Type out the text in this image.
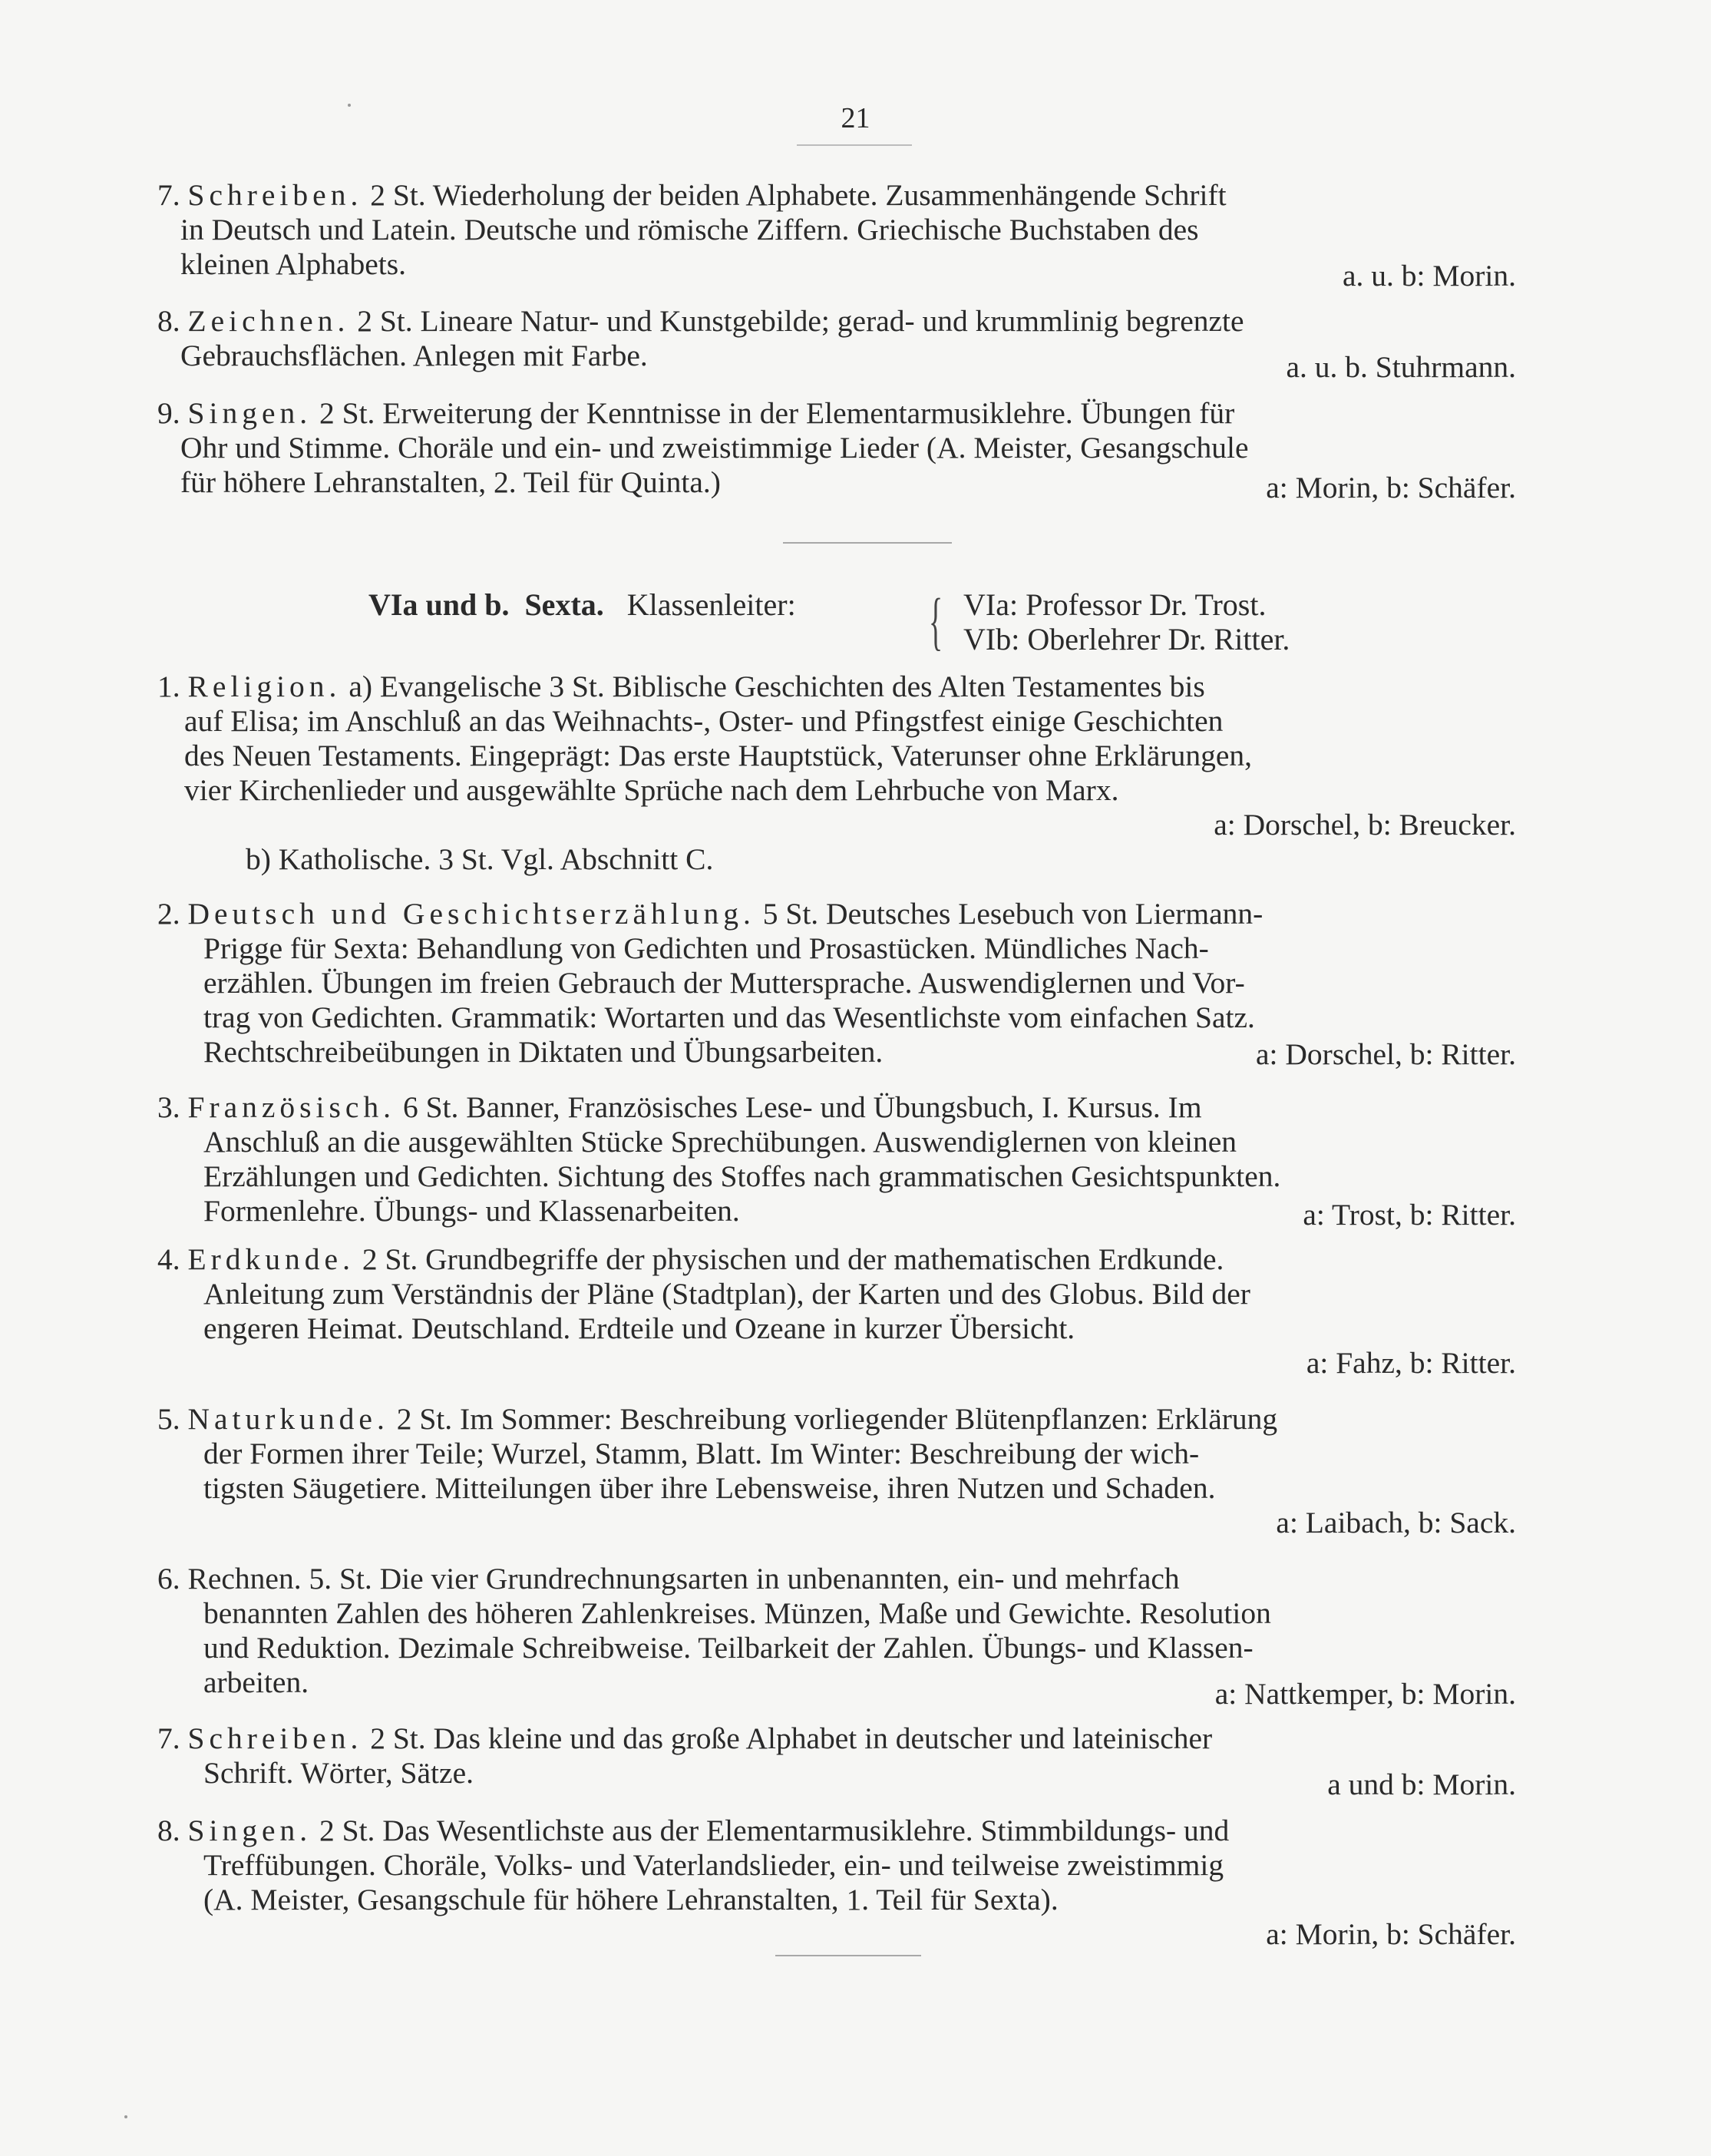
21
7. Schreiben. 2 St. Wiederholung der beiden Alphabete. Zusammenhängende Schrift
in Deutsch und Latein. Deutsche und römische Ziffern. Griechische Buchstaben des
kleinen Alphabets.	a. u. b: Morin.
8. Zeichnen. 2 St. Lineare Natur- und Kunstgebilde; gerad- und krummlinig begrenzte
Gebrauchsflächen. Anlegen mit Farbe.	a. u. b. Stuhrmann.
9. Singen. 2 St. Erweiterung der Kenntnisse in der Elementarmusiklehre. Übungen für
Ohr und Stimme. Choräle und ein- und zweistimmige Lieder (A. Meister, Gesangschule
für höhere Lehranstalten, 2. Teil für Quinta.)	a: Morin, b: Schäfer.
VIa und b. Sexta. Klassenleiter: { VIa: Professor Dr. Trost.
VIb: Oberlehrer Dr. Ritter.
1. Religion. a) Evangelische 3 St. Biblische Geschichten des Alten Testamentes bis
auf Elisa; im Anschluß an das Weihnachts-, Oster- und Pfingstfest einige Geschichten
des Neuen Testaments. Eingeprägt: Das erste Hauptstück, Vaterunser ohne Erklärungen,
vier Kirchenlieder und ausgewählte Sprüche nach dem Lehrbuche von Marx.
a: Dorschel, b: Breucker.
b) Katholische. 3 St. Vgl. Abschnitt C.
2. Deutsch und Geschichtserzählung. 5 St. Deutsches Lesebuch von Liermann-
Prigge für Sexta: Behandlung von Gedichten und Prosastücken. Mündliches Nach-
erzählen. Übungen im freien Gebrauch der Muttersprache. Auswendiglernen und Vor-
trag von Gedichten. Grammatik: Wortarten und das Wesentlichste vom einfachen Satz.
Rechtschreibeübungen in Diktaten und Übungsarbeiten.	a: Dorschel, b: Ritter.
3. Französisch. 6 St. Banner, Französisches Lese- und Übungsbuch, I. Kursus. Im
Anschluß an die ausgewählten Stücke Sprechübungen. Auswendiglernen von kleinen
Erzählungen und Gedichten. Sichtung des Stoffes nach grammatischen Gesichtspunkten.
Formenlehre. Übungs- und Klassenarbeiten.	a: Trost, b: Ritter.
4. Erdkunde. 2 St. Grundbegriffe der physischen und der mathematischen Erdkunde.
Anleitung zum Verständnis der Pläne (Stadtplan), der Karten und des Globus. Bild der
engeren Heimat. Deutschland. Erdteile und Ozeane in kurzer Übersicht.
a: Fahz, b: Ritter.
5. Naturkunde. 2 St. Im Sommer: Beschreibung vorliegender Blütenpflanzen: Erklärung
der Formen ihrer Teile; Wurzel, Stamm, Blatt. Im Winter: Beschreibung der wich-
tigsten Säugetiere. Mitteilungen über ihre Lebensweise, ihren Nutzen und Schaden.
a: Laibach, b: Sack.
6. Rechnen. 5. St. Die vier Grundrechnungsarten in unbenannten, ein- und mehrfach
benannten Zahlen des höheren Zahlenkreises. Münzen, Maße und Gewichte. Resolution
und Reduktion. Dezimale Schreibweise. Teilbarkeit der Zahlen. Übungs- und Klassen-
arbeiten.	a: Nattkemper, b: Morin.
7. Schreiben. 2 St. Das kleine und das große Alphabet in deutscher und lateinischer
Schrift. Wörter, Sätze.	a und b: Morin.
8. Singen. 2 St. Das Wesentlichste aus der Elementarmusiklehre. Stimmbildungs- und
Treffübungen. Choräle, Volks- und Vaterlandslieder, ein- und teilweise zweistimmig
(A. Meister, Gesangschule für höhere Lehranstalten, 1. Teil für Sexta).
a: Morin, b: Schäfer.
